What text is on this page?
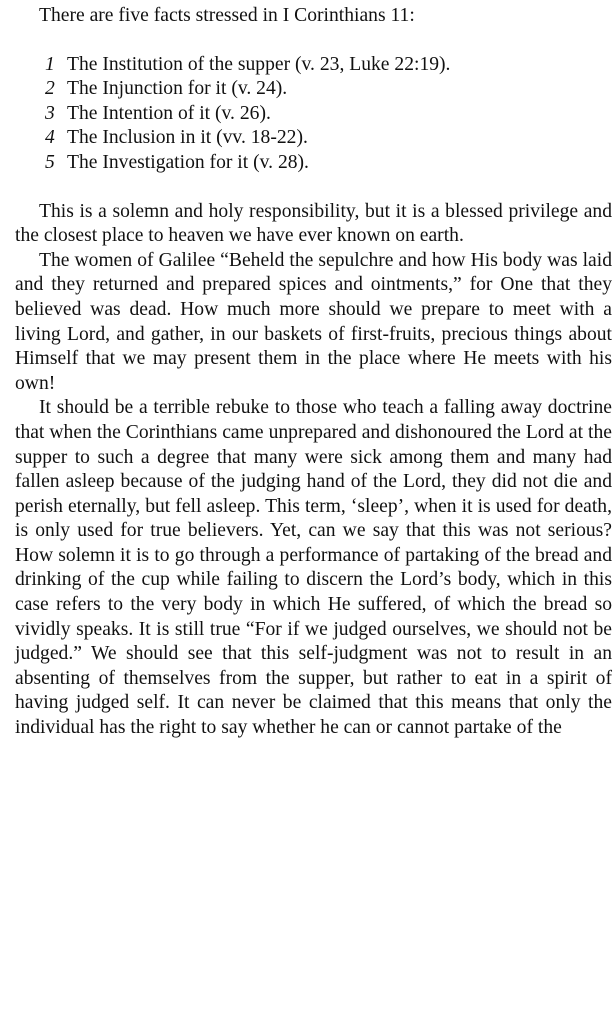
There are five facts stressed in I Corinthians 11:

1 The Institution of the supper (v. 23, Luke 22:19).
2 The Injunction for it (v. 24).
3 The Intention of it (v. 26).
4 The Inclusion in it (vv. 18-22).
5 The Investigation for it (v. 28).

This is a solemn and holy responsibility, but it is a blessed privilege and the closest place to heaven we have ever known on earth.

The women of Galilee “Beheld the sepulchre and how His body was laid and they returned and prepared spices and ointments,” for One that they believed was dead. How much more should we prepare to meet with a living Lord, and gather, in our baskets of first-fruits, precious things about Himself that we may present them in the place where He meets with his own!

It should be a terrible rebuke to those who teach a falling away doctrine that when the Corinthians came unprepared and dishonoured the Lord at the supper to such a degree that many were sick among them and many had fallen asleep because of the judging hand of the Lord, they did not die and perish eternally, but fell asleep. This term, ‘sleep’, when it is used for death, is only used for true believers. Yet, can we say that this was not serious? How solemn it is to go through a performance of partaking of the bread and drinking of the cup while failing to discern the Lord’s body, which in this case refers to the very body in which He suffered, of which the bread so vividly speaks. It is still true “For if we judged ourselves, we should not be judged.” We should see that this self-judgment was not to result in an absenting of themselves from the supper, but rather to eat in a spirit of having judged self. It can never be claimed that this means that only the individual has the right to say whether he can or cannot partake of the
